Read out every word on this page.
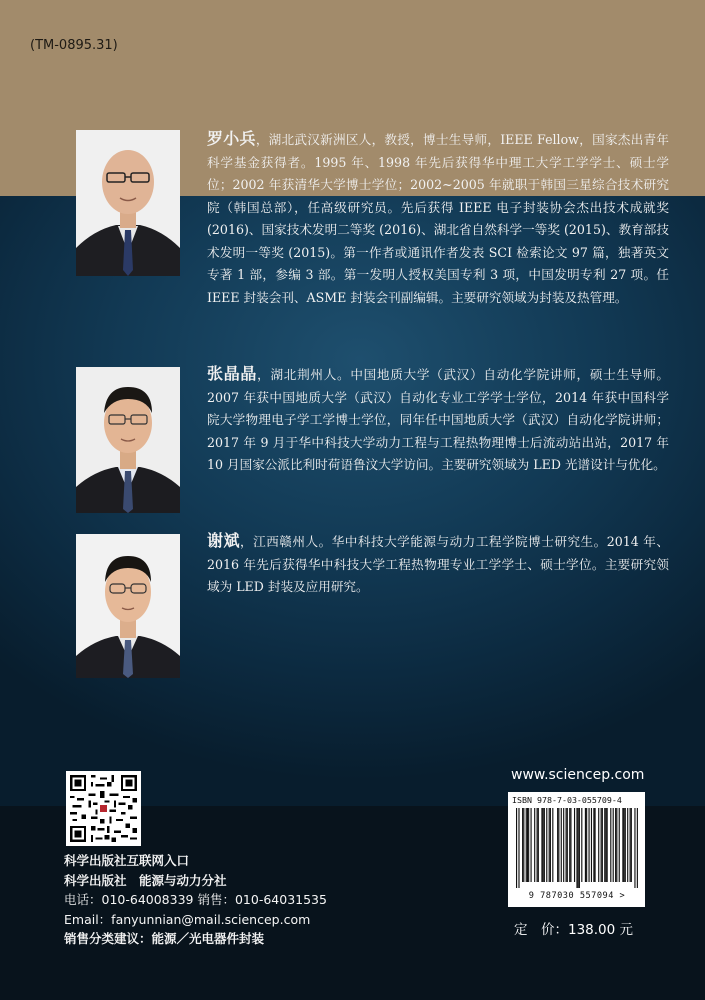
(TM-0895.31)
罗小兵，湖北武汉新洲区人，教授，博士生导师，IEEE Fellow，国家杰出青年科学基金获得者。1995 年、1998 年先后获得华中理工大学工学学士、硕士学位；2002 年获清华大学博士学位；2002~2005 年就职于韩国三星综合技术研究院（韩国总部），任高级研究员。先后获得 IEEE 电子封装协会杰出技术成就奖 (2016)、国家技术发明二等奖 (2016)、湖北省自然科学一等奖 (2015)、教育部技术发明一等奖 (2015)。第一作者或通讯作者发表 SCI 检索论文 97 篇，独著英文专著 1 部，参编 3 部。第一发明人授权美国专利 3 项，中国发明专利 27 项。任 IEEE 封装会刊、ASME 封装会刊副编辑。主要研究领域为封装及热管理。
张晶晶，湖北荆州人。中国地质大学（武汉）自动化学院讲师，硕士生导师。2007 年获中国地质大学（武汉）自动化专业工学学士学位，2014 年获中国科学院大学物理电子学工学博士学位，同年任中国地质大学（武汉）自动化学院讲师；2017 年 9 月于华中科技大学动力工程与工程热物理博士后流动站出站，2017 年 10 月国家公派比利时荷语鲁汶大学访问。主要研究领域为 LED 光谱设计与优化。
谢斌，江西赣州人。华中科技大学能源与动力工程学院博士研究生。2014 年、2016 年先后获得华中科技大学工程热物理专业工学学士、硕士学位。主要研究领域为 LED 封装及应用研究。
科学出版社互联网入口
科学出版社　能源与动力分社
电话：010-64008339 销售：010-64031535
Email：fanyunnian@mail.sciencep.com
销售分类建议：能源／光电器件封装
www.sciencep.com
ISBN 978-7-03-055709-4
9 787030 557094 >
定　价：138.00 元
